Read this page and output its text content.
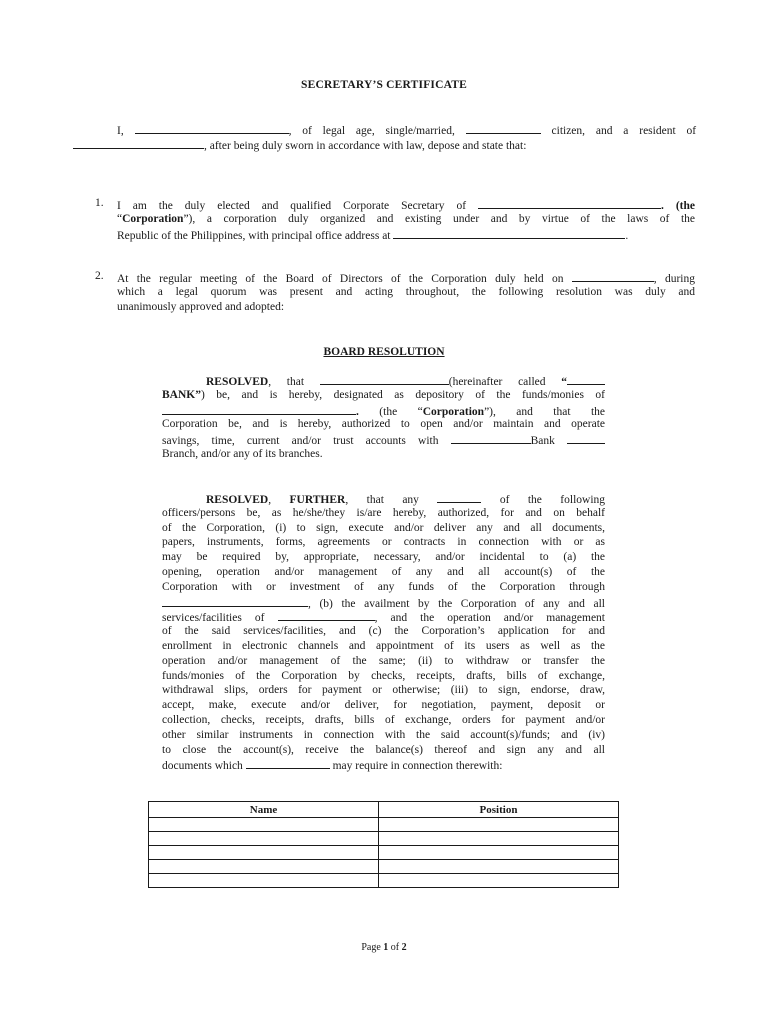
SECRETARY’S CERTIFICATE
I,	, of legal age, single/married,	citizen, and a resident of
, after being duly sworn in accordance with law, depose and state that:
1. I am the duly elected and qualified Corporate Secretary of	. (the
“Corporation”), a corporation duly organized and existing under and by virtue of the laws of the
Republic of the Philippines, with principal office address at	.
2. At the regular meeting of the Board of Directors of the Corporation duly held on	, during
which a legal quorum was present and acting throughout, the following resolution was duly and
unanimously approved and adopted:
BOARD RESOLUTION
RESOLVED, that	(hereinafter called “
BANK”) be, and is hereby, designated as depository of the funds/monies of
. (the “Corporation”), and that the
Corporation be, and is hereby, authorized to open and/or maintain and operate
savings, time, current and/or trust accounts with	Bank
Branch, and/or any of its branches.
RESOLVED, FURTHER, that any	of the following
officers/persons be, as he/she/they is/are hereby, authorized, for and on behalf
of the Corporation, (i) to sign, execute and/or deliver any and all documents,
papers, instruments, forms, agreements or contracts in connection with or as
may be required by, appropriate, necessary, and/or incidental to (a) the
opening, operation and/or management of any and all account(s) of the
Corporation with or investment of any funds of the Corporation through
, (b) the availment by the Corporation of any and all
services/facilities of	, and the operation and/or management
of the said services/facilities, and (c) the Corporation’s application for and
enrollment in electronic channels and appointment of its users as well as the
operation and/or management of the same; (ii) to withdraw or transfer the
funds/monies of the Corporation by checks, receipts, drafts, bills of exchange,
withdrawal slips, orders for payment or otherwise; (iii) to sign, endorse, draw,
accept, make, execute and/or deliver, for negotiation, payment, deposit or
collection, checks, receipts, drafts, bills of exchange, orders for payment and/or
other similar instruments in connection with the said account(s)/funds; and (iv)
to close the account(s), receive the balance(s) thereof and sign any and all
documents which	may require in connection therewith:
Name	Position

Page 1 of 2
